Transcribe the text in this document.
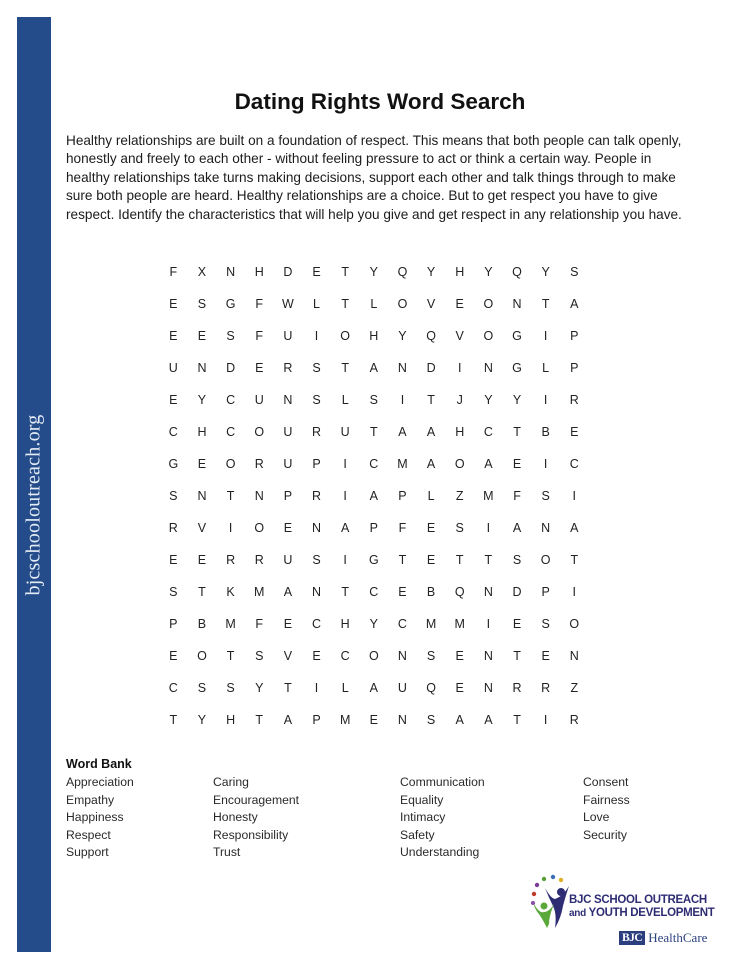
bjcschooloutreach.org
Dating Rights Word Search

Healthy relationships are built on a foundation of respect. This means that both people can talk openly, honestly and freely to each other - without feeling pressure to act or think a certain way. People in healthy relationships take turns making decisions, support each other and talk things through to make sure both people are heard. Healthy relationships are a choice. But to get respect you have to give respect. Identify the characteristics that will help you give and get respect in any relationship you have.

F	X	N	H	D	E	T	Y	Q	Y	H	Y	Q	Y	S
E	S	G	F	W	L	T	L	O	V	E	O	N	T	A
E	E	S	F	U	I	O	H	Y	Q	V	O	G	I	P
U	N	D	E	R	S	T	A	N	D	I	N	G	L	P
E	Y	C	U	N	S	L	S	I	T	J	Y	Y	I	R
C	H	C	O	U	R	U	T	A	A	H	C	T	B	E
G	E	O	R	U	P	I	C	M	A	O	A	E	I	C
S	N	T	N	P	R	I	A	P	L	Z	M	F	S	I
R	V	I	O	E	N	A	P	F	E	S	I	A	N	A
E	E	R	R	U	S	I	G	T	E	T	T	S	O	T
S	T	K	M	A	N	T	C	E	B	Q	N	D	P	I
P	B	M	F	E	C	H	Y	C	M	M	I	E	S	O
E	O	T	S	V	E	C	O	N	S	E	N	T	E	N
C	S	S	Y	T	I	L	A	U	Q	E	N	R	R	Z
T	Y	H	T	A	P	M	E	N	S	A	A	T	I	R
Word Bank
Appreciation
Empathy
Happiness
Respect
Support
Caring
Encouragement
Honesty
Responsibility
Trust
Communication
Equality
Intimacy
Safety
Understanding
Consent
Fairness
Love
Security
BJC SCHOOL OUTREACH
and YOUTH DEVELOPMENT
BJC HealthCare
